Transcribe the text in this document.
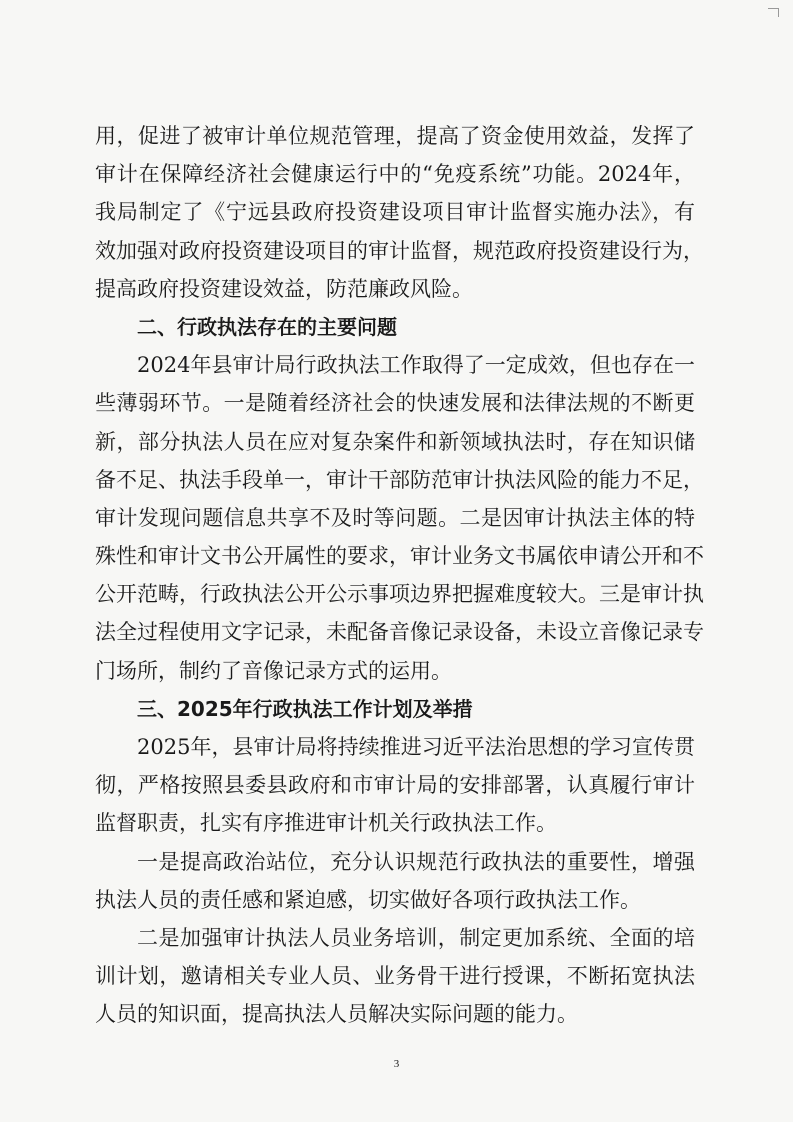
用，促进了被审计单位规范管理，提高了资金使用效益，发挥了
审计在保障经济社会健康运行中的“免疫系统”功能。2024年，
我局制定了《宁远县政府投资建设项目审计监督实施办法》，有
效加强对政府投资建设项目的审计监督，规范政府投资建设行为，
提高政府投资建设效益，防范廉政风险。
二、行政执法存在的主要问题
2024年县审计局行政执法工作取得了一定成效，但也存在一
些薄弱环节。一是随着经济社会的快速发展和法律法规的不断更
新，部分执法人员在应对复杂案件和新领域执法时，存在知识储
备不足、执法手段单一，审计干部防范审计执法风险的能力不足，
审计发现问题信息共享不及时等问题。二是因审计执法主体的特
殊性和审计文书公开属性的要求，审计业务文书属依申请公开和不
公开范畴，行政执法公开公示事项边界把握难度较大。三是审计执
法全过程使用文字记录，未配备音像记录设备，未设立音像记录专
门场所，制约了音像记录方式的运用。
三、2025年行政执法工作计划及举措
2025年，县审计局将持续推进习近平法治思想的学习宣传贯
彻，严格按照县委县政府和市审计局的安排部署，认真履行审计
监督职责，扎实有序推进审计机关行政执法工作。
一是提高政治站位，充分认识规范行政执法的重要性，增强
执法人员的责任感和紧迫感，切实做好各项行政执法工作。
二是加强审计执法人员业务培训，制定更加系统、全面的培
训计划，邀请相关专业人员、业务骨干进行授课，不断拓宽执法
人员的知识面，提高执法人员解决实际问题的能力。
3
